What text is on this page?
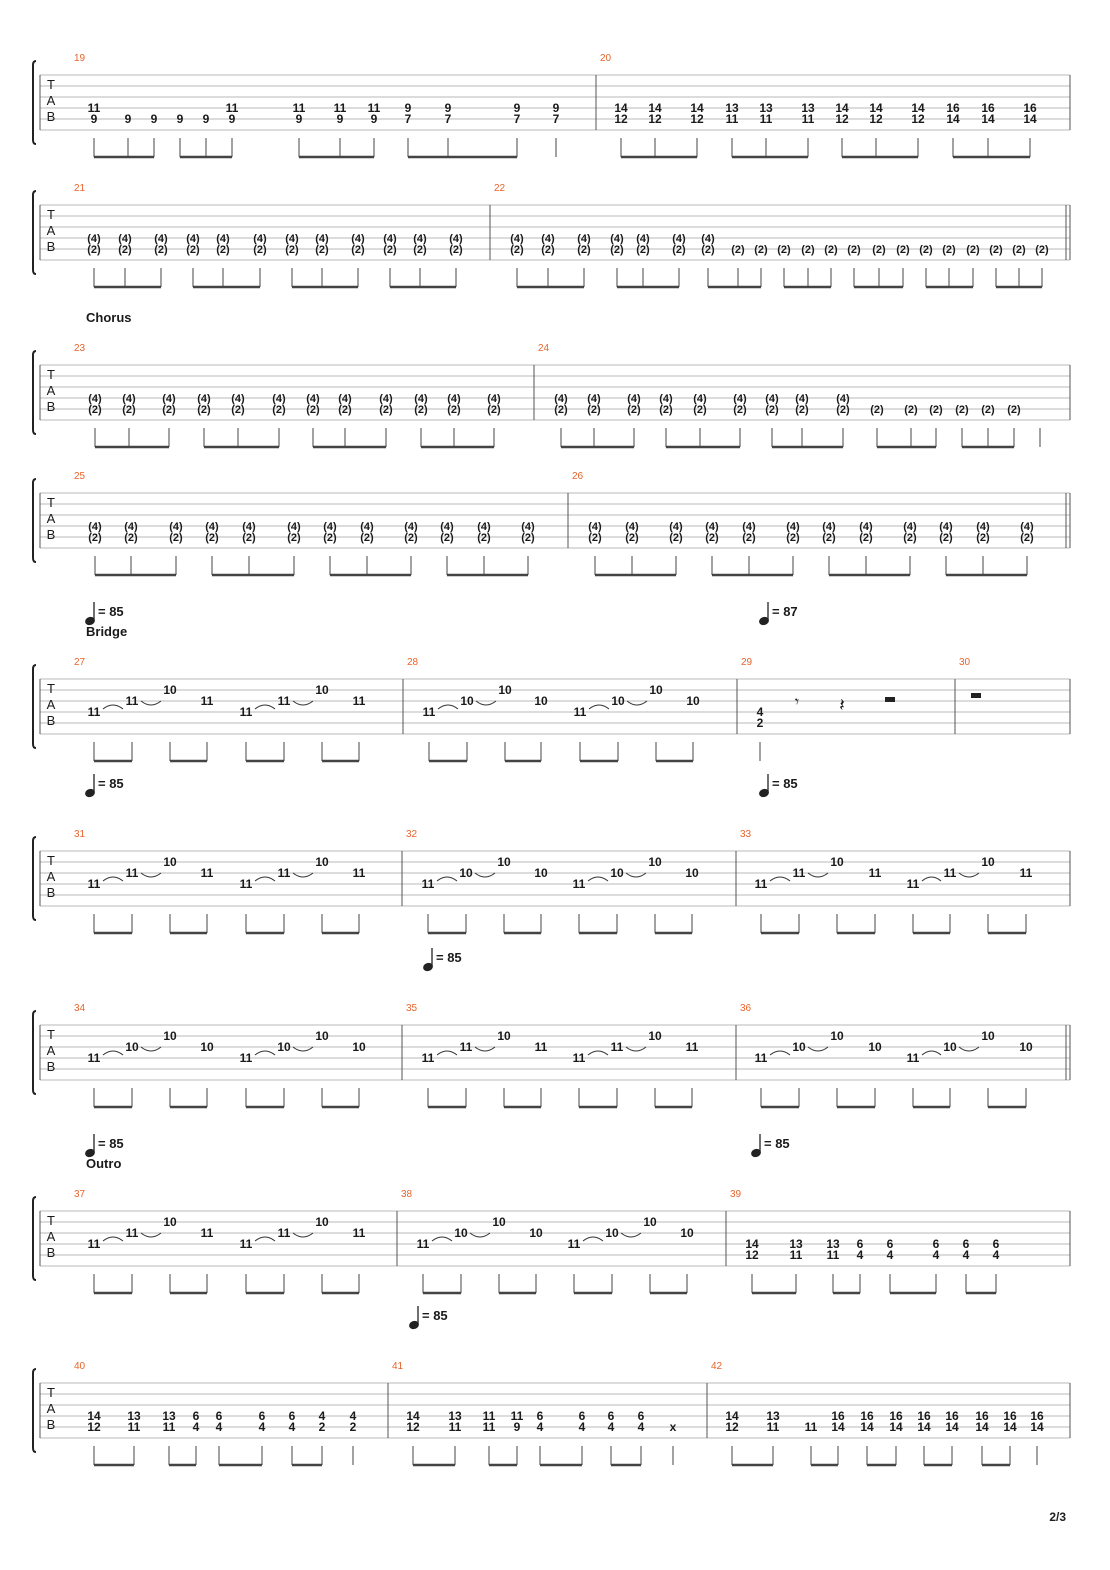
T
A
B
19	20
11
9 9 9 9 9
11
9
11
9
11
9
11
9
9
7
9
7
9
7
9
7
14
12
14
12
14
12
13
11
13
11
13
11
14
12
14
12
14
12
16
14
16
14
16
14
T
A
B
21	22
(4)
(2)
(4)
(2)
(4)
(2)
(4)
(2)
(4)
(2)
(4)
(2)
(4)
(2)
(4)
(2)
(4)
(2)
(4)
(2)
(4)
(2)
(4)
(2)
(4)
(2)
(4)
(2)
(4)
(2)
(4)
(2)
(4)
(2)
(4)
(2)
(4)
(2) (2) (2) (2) (2) (2) (2) (2) (2) (2) (2) (2) (2) (2) (2)
T
A
B
23	24
Chorus
(4)
(2)
(4)
(2)
(4)
(2)
(4)
(2)
(4)
(2)
(4)
(2)
(4)
(2)
(4)
(2)
(4)
(2)
(4)
(2)
(4)
(2)
(4)
(2)
(4)
(2)
(4)
(2)
(4)
(2)
(4)
(2)
(4)
(2)
(4)
(2)
(4)
(2)
(4)
(2)
(4)
(2) (2) (2) (2) (2) (2) (2)
T
A
B
25	26
(4)
(2)
(4)
(2)
(4)
(2)
(4)
(2)
(4)
(2)
(4)
(2)
(4)
(2)
(4)
(2)
(4)
(2)
(4)
(2)
(4)
(2)
(4)
(2)
(4)
(2)
(4)
(2)
(4)
(2)
(4)
(2)
(4)
(2)
(4)
(2)
(4)
(2)
(4)
(2)
(4)
(2)
(4)
(2)
(4)
(2)
(4)
(2)
T
A
B
27	28	29	30
= 85
Bridge
= 87
11
11
10
11
11
11
10
11
11
10
10
10
11
10
10
10
4
2
𝄾 𝄽
T
A
B
31	32	33
= 85	= 85
11
11
10
11
11
11
10
11
11
10
10
10
11
10
10
10
11
11
10
11
11
11
10
11
T
A
B
34	35	36
= 85
11
10
10
10
11
10
10
10
11
11
10
11
11
11
10
11
11
10
10
10
11
10
10
10
T
A
B
37	38	39
= 85
Outro
= 85
11
11
10
11
11
11
10
11
11
10
10
10
11
10
10
10
14
12
13
11
13
11
6
4
6
4
6
4
6
4
6
4
T
A
B
40	41	42
= 85
14
12
13
11
13
11
6
4
6
4
6
4
6
4
4
2
4
2
14
12
13
11
11
11
11
9
6
4
6
4
6
4
6
4 x
14
12
13
11 11
16
14
16
14
16
14
16
14
16
14
16
14
16
14
16
14
2/3
